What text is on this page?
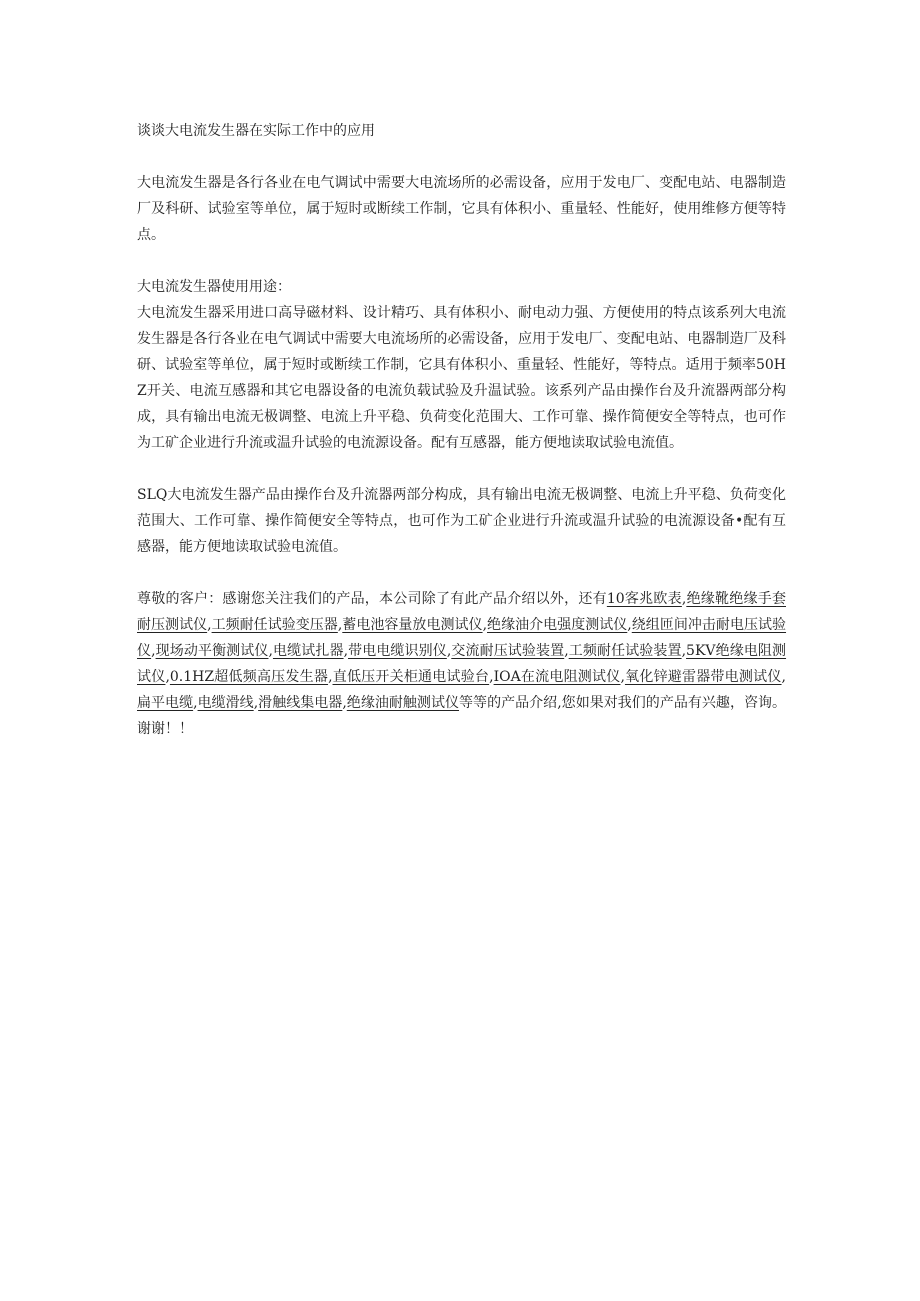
谈谈大电流发生器在实际工作中的应用

大电流发生器是各行各业在电气调试中需要大电流场所的必需设备，应用于发电厂、变配电站、电器制造厂及科研、试验室等单位，属于短时或断续工作制，它具有体积小、重量轻、性能好，使用维修方便等特点。

大电流发生器使用用途：

大电流发生器采用进口高导磁材料、设计精巧、具有体积小、耐电动力强、方便使用的特点该系列大电流发生器是各行各业在电气调试中需要大电流场所的必需设备，应用于发电厂、变配电站、电器制造厂及科研、试验室等单位，属于短时或断续工作制，它具有体积小、重量轻、性能好，等特点。适用于频率50HZ开关、电流互感器和其它电器设备的电流负载试验及升温试验。该系列产品由操作台及升流器两部分构成，具有输出电流无极调整、电流上升平稳、负荷变化范围大、工作可靠、操作简便安全等特点，也可作为工矿企业进行升流或温升试验的电流源设备。配有互感器，能方便地读取试验电流值。

SLQ大电流发生器产品由操作台及升流器两部分构成，具有输出电流无极调整、电流上升平稳、负荷变化范围大、工作可靠、操作简便安全等特点，也可作为工矿企业进行升流或温升试验的电流源设备•配有互感器，能方便地读取试验电流值。

尊敬的客户：感谢您关注我们的产品，本公司除了有此产品介绍以外，还有10客兆欧表,绝缘靴绝缘手套耐压测试仪,工频耐任试验变压器,蓄电池容量放电测试仪,绝缘油介电强度测试仪,绕组匝间冲击耐电压试验仪,现场动平衡测试仪,电缆试扎器,带电电缆识别仪,交流耐压试验装置,工频耐任试验装置,5KV绝缘电阻测试仪,0.1HZ超低频高压发生器,直低压开关柜通电试验台,IOA在流电阻测试仪,氧化锌避雷器带电测试仪,扁平电缆,电缆滑线,滑触线集电器,绝缘油耐触测试仪等等的产品介绍,您如果对我们的产品有兴趣，咨询。谢谢！！
